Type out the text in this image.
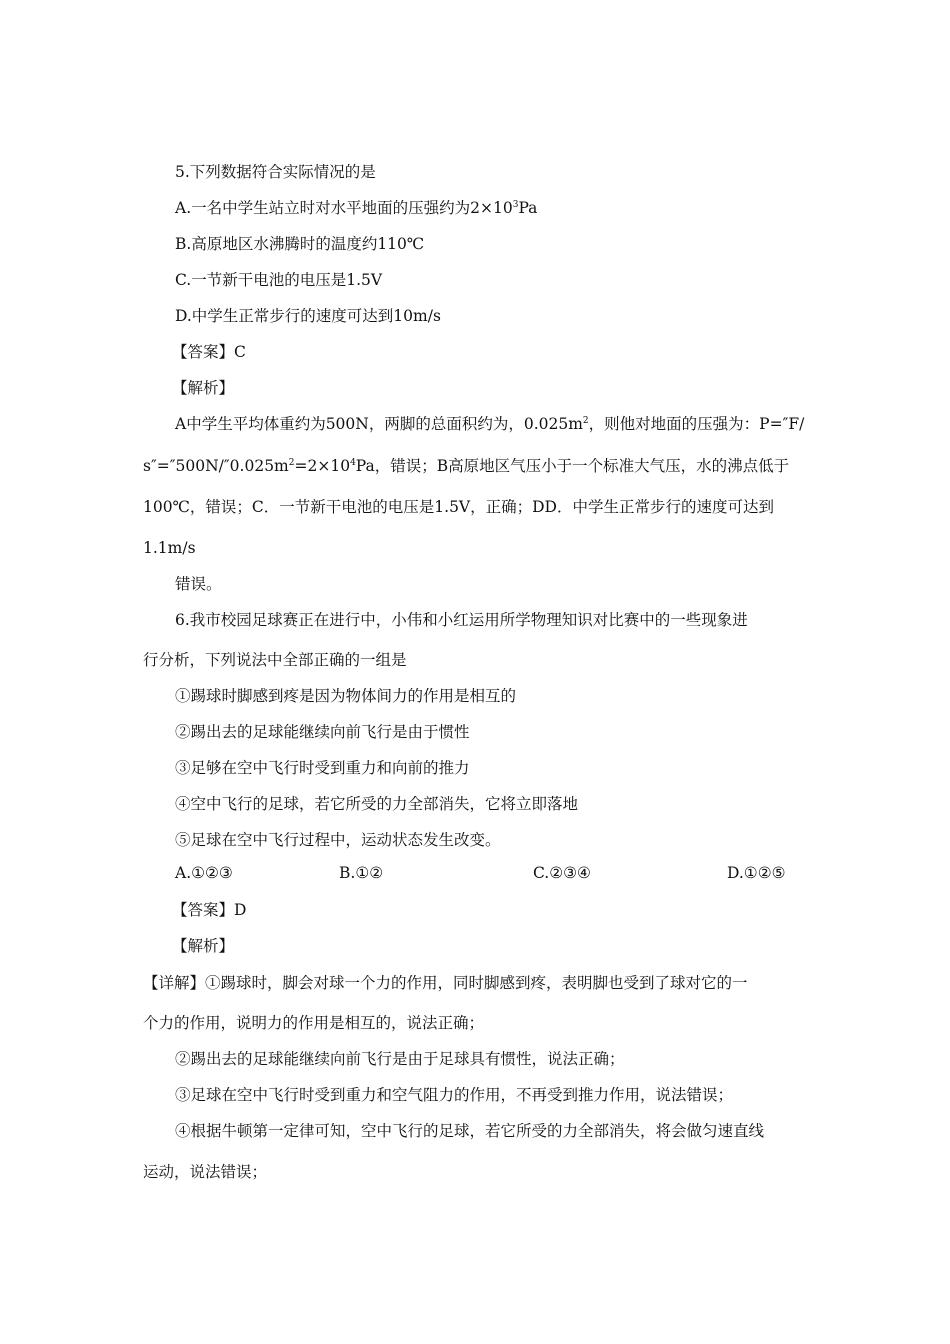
5.下列数据符合实际情况的是
A.一名中学生站立时对水平地面的压强约为$2\times 10^3Pa$
B.高原地区水沸腾时的温度约110℃
C.一节新干电池的电压是1.5V
D.中学生正常步行的速度可达到10m/s
【答案】C
【解析】
A中学生平均体重约为500N，两脚的总面积约为，$0.025m^2$，则他对地面的压强为：P=″F/
$s''=''500N/''0.025m^2=2\times 10^4Pa$，错误；B高原地区气压小于一个标准大气压，水的沸点低于
100℃，错误；C．一节新干电池的电压是1.5V，正确；DD．中学生正常步行的速度可达到
1.1m/s
错误。
6.我市校园足球赛正在进行中，小伟和小红运用所学物理知识对比赛中的一些现象进
行分析，下列说法中全部正确的一组是
①踢球时脚感到疼是因为物体间力的作用是相互的
②踢出去的足球能继续向前飞行是由于惯性
③足够在空中飞行时受到重力和向前的推力
④空中飞行的足球，若它所受的力全部消失，它将立即落地
⑤足球在空中飞行过程中，运动状态发生改变。
A.①②③	B.①②	C.②③④	D.①②⑤
【答案】D
【解析】
【详解】①踢球时，脚会对球一个力的作用，同时脚感到疼，表明脚也受到了球对它的一
个力的作用，说明力的作用是相互的，说法正确；
②踢出去的足球能继续向前飞行是由于足球具有惯性，说法正确；
③足球在空中飞行时受到重力和空气阻力的作用，不再受到推力作用，说法错误；
④根据牛顿第一定律可知，空中飞行的足球，若它所受的力全部消失，将会做匀速直线
运动，说法错误；
